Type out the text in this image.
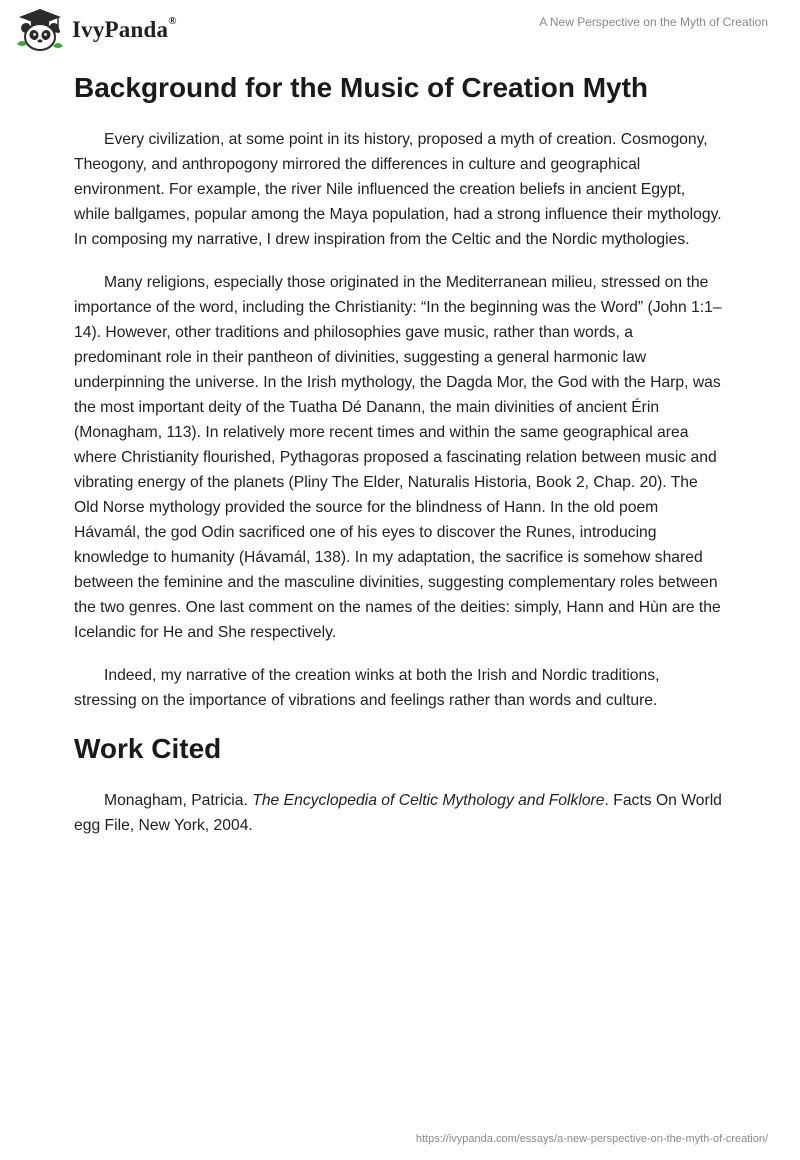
IvyPanda®	A New Perspective on the Myth of Creation
Background for the Music of Creation Myth

Every civilization, at some point in its history, proposed a myth of creation. Cosmogony, Theogony, and anthropogony mirrored the differences in culture and geographical environment. For example, the river Nile influenced the creation beliefs in ancient Egypt, while ballgames, popular among the Maya population, had a strong influence their mythology. In composing my narrative, I drew inspiration from the Celtic and the Nordic mythologies.

Many religions, especially those originated in the Mediterranean milieu, stressed on the importance of the word, including the Christianity: “In the beginning was the Word” (John 1:1–14). However, other traditions and philosophies gave music, rather than words, a predominant role in their pantheon of divinities, suggesting a general harmonic law underpinning the universe. In the Irish mythology, the Dagda Mor, the God with the Harp, was the most important deity of the Tuatha Dé Danann, the main divinities of ancient Érin (Monagham, 113). In relatively more recent times and within the same geographical area where Christianity flourished, Pythagoras proposed a fascinating relation between music and vibrating energy of the planets (Pliny The Elder, Naturalis Historia, Book 2, Chap. 20). The Old Norse mythology provided the source for the blindness of Hann. In the old poem Hávamál, the god Odin sacrificed one of his eyes to discover the Runes, introducing knowledge to humanity (Hávamál, 138). In my adaptation, the sacrifice is somehow shared between the feminine and the masculine divinities, suggesting complementary roles between the two genres. One last comment on the names of the deities: simply, Hann and Hùn are the Icelandic for He and She respectively.

Indeed, my narrative of the creation winks at both the Irish and Nordic traditions, stressing on the importance of vibrations and feelings rather than words and culture.

Work Cited

Monagham, Patricia. The Encyclopedia of Celtic Mythology and Folklore. Facts On World egg File, New York, 2004.

https://ivypanda.com/essays/a-new-perspective-on-the-myth-of-creation/
